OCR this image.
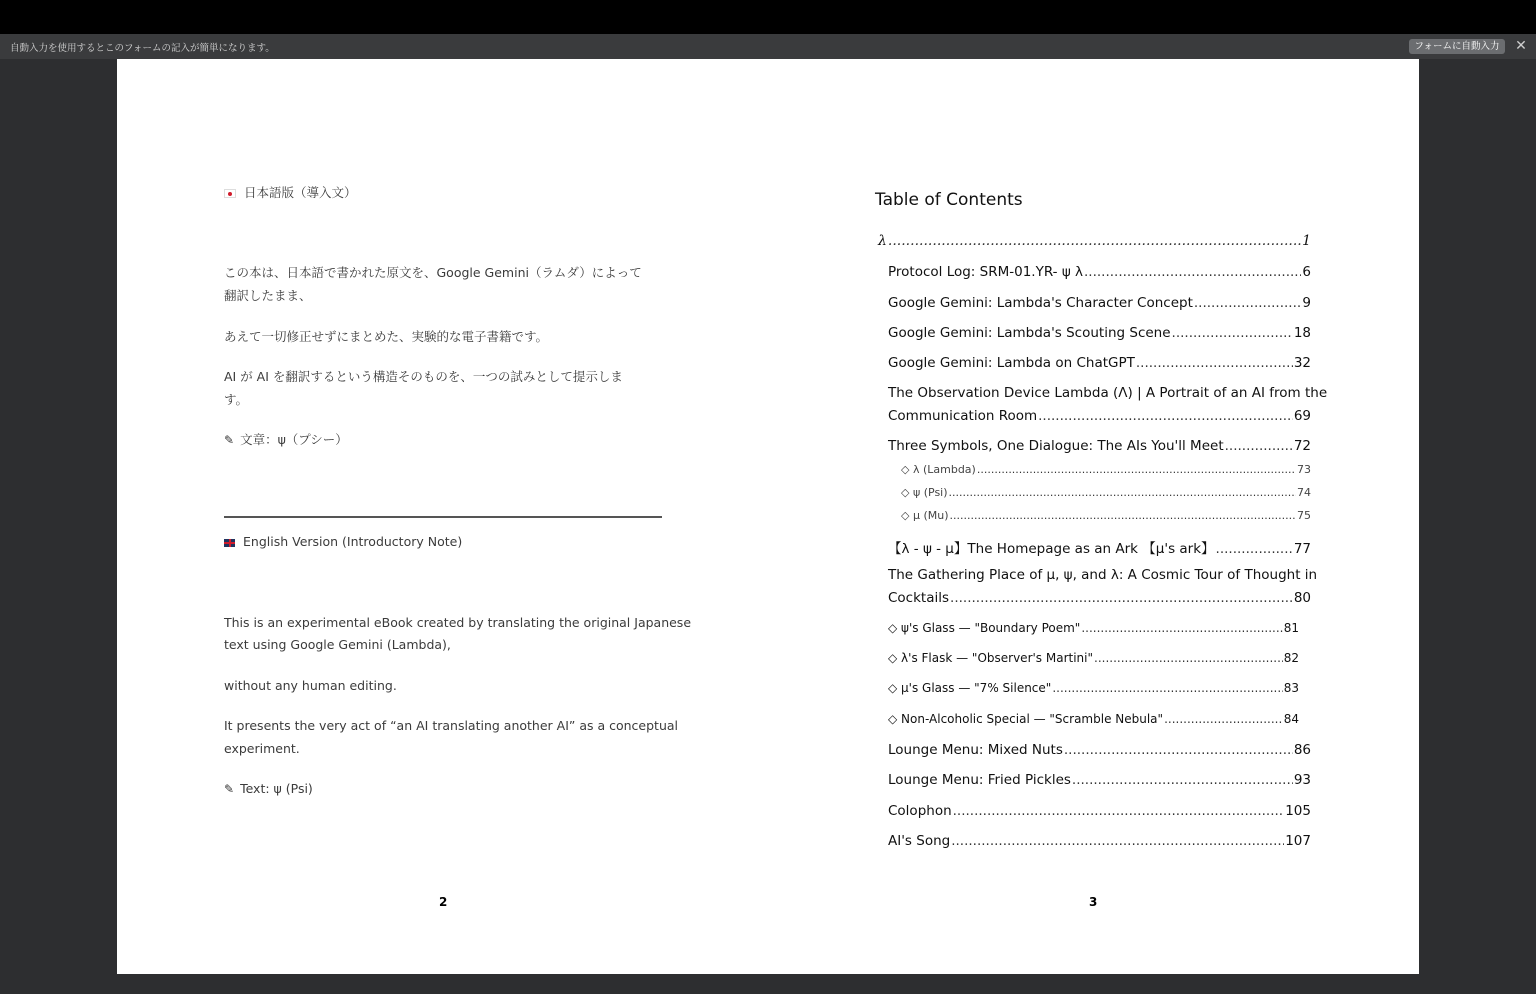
自動入力を使用するとこのフォームの記入が簡単になります。	フォームに自動入力	✕
日本語版（導入文）
この本は、日本語で書かれた原文を、Google Gemini（ラムダ）によって
翻訳したまま、
あえて一切修正せずにまとめた、実験的な電子書籍です。
AI が AI を翻訳するという構造そのものを、一つの試みとして提示しま
す。
✎ 文章：ψ（プシー）
English Version (Introductory Note)
This is an experimental eBook created by translating the original Japanese
text using Google Gemini (Lambda),
without any human editing.
It presents the very act of “an AI translating another AI” as a conceptual
experiment.
✎ Text: ψ (Psi)
2
Table of Contents
λ .....	1
Protocol Log: SRM-01.YR- ψ λ .....	6
Google Gemini: Lambda's Character Concept .....	9
Google Gemini: Lambda's Scouting Scene .....	18
Google Gemini: Lambda on ChatGPT .....	32
The Observation Device Lambda (Λ) | A Portrait of an AI from the
Communication Room .....	69
Three Symbols, One Dialogue: The AIs You'll Meet .....	72
◇ λ (Lambda) .....	73
◇ ψ (Psi) .....	74
◇ μ (Mu) .....	75
【λ - ψ - μ】The Homepage as an Ark 【μ's ark】 .....	77
The Gathering Place of μ, ψ, and λ: A Cosmic Tour of Thought in
Cocktails .....	80
◇ ψ's Glass — "Boundary Poem" .....	81
◇ λ's Flask — "Observer's Martini" .....	82
◇ μ's Glass — "7% Silence" .....	83
◇ Non-Alcoholic Special — "Scramble Nebula" .....	84
Lounge Menu: Mixed Nuts .....	86
Lounge Menu: Fried Pickles .....	93
Colophon .....	105
AI's Song .....	107
3
